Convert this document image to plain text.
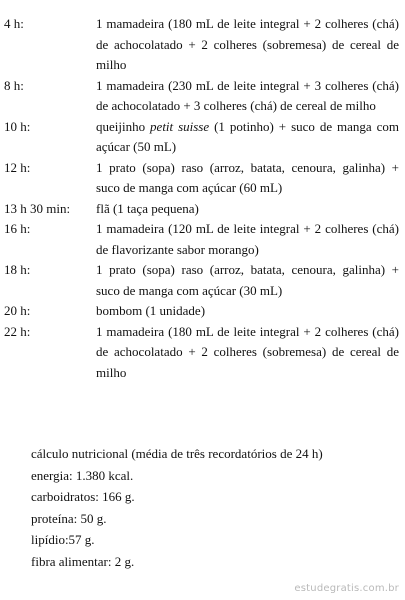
4 h:	1 mamadeira (180 mL de leite integral + 2 colheres (chá) de achocolatado + 2 colheres (sobremesa) de cereal de milho
8 h:	1 mamadeira (230 mL de leite integral + 3 colheres (chá) de achocolatado + 3 colheres (chá) de cereal de milho
10 h:	queijinho petit suisse (1 potinho) + suco de manga com açúcar (50 mL)
12 h:	1 prato (sopa) raso (arroz, batata, cenoura, galinha) + suco de manga com açúcar (60 mL)
13 h 30 min:	flã (1 taça pequena)
16 h:	1 mamadeira (120 mL de leite integral + 2 colheres (chá) de flavorizante sabor morango)
18 h:	1 prato (sopa) raso (arroz, batata, cenoura, galinha) + suco de manga com açúcar (30 mL)
20 h:	bombom (1 unidade)
22 h:	1 mamadeira (180 mL de leite integral + 2 colheres (chá) de achocolatado + 2 colheres (sobremesa) de cereal de milho
cálculo nutricional (média de três recordatórios de 24 h)
energia: 1.380 kcal.
carboidratos: 166 g.
proteína: 50 g.
lipídio:57 g.
fibra alimentar: 2 g.
estudegratis.com.br
